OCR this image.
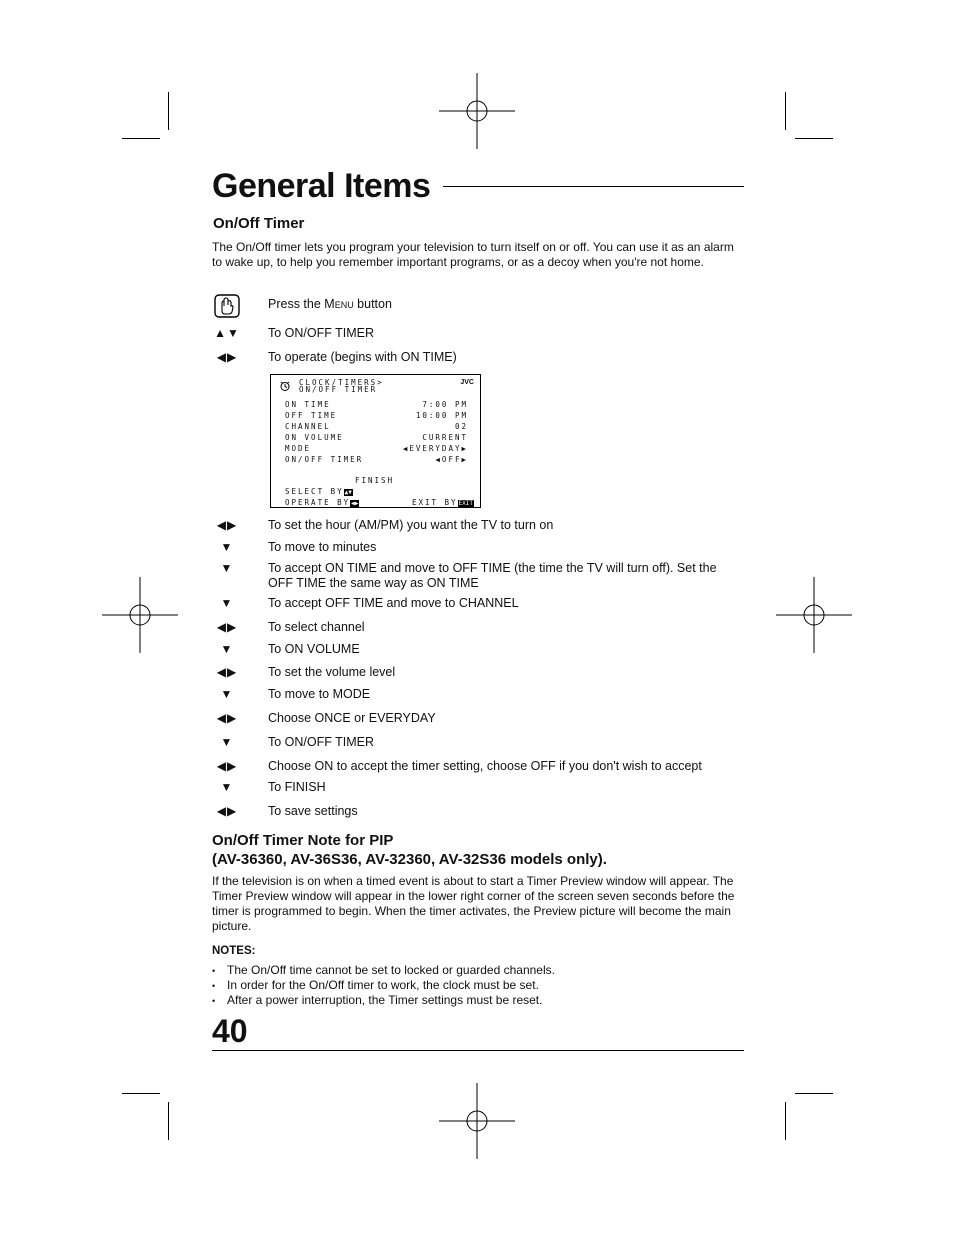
General Items
On/Off Timer

The On/Off timer lets you program your television to turn itself on or off. You can use it as an alarm to wake up, to help you remember important programs, or as a decoy when you're not home.

Press the Menu button
▲▼ To ON/OFF TIMER
◀▶	To operate (begins with ON TIME)
CLOCK/TIMERS>
ON/OFF TIMER
JVC
ON TIME	7:00 PM
OFF TIME	10:00 PM
CHANNEL	02
ON VOLUME	CURRENT
MODE	◀EVERYDAY▶
ON/OFF TIMER	◀OFF▶
FINISH
SELECT BY▲▼
OPERATE BY◀▶	EXIT BYEXIT
◀▶	To set the hour (AM/PM) you want the TV to turn on
▼	To move to minutes
▼	To accept ON TIME and move to OFF TIME (the time the TV will turn off). Set the OFF TIME the same way as ON TIME
▼	To accept OFF TIME and move to CHANNEL
◀▶	To select channel
▼	To ON VOLUME
◀▶	To set the volume level
▼	To move to MODE
◀▶	Choose ONCE or EVERYDAY
▼	To ON/OFF TIMER
◀▶	Choose ON to accept the timer setting, choose OFF if you don't wish to accept
▼	To FINISH
◀▶	To save settings
On/Off Timer Note for PIP
(AV-36360, AV-36S36, AV-32360, AV-32S36 models only).

If the television is on when a timed event is about to start a Timer Preview window will appear. The Timer Preview window will appear in the lower right corner of the screen seven seconds before the timer is programmed to begin. When the timer activates, the Preview picture will become the main picture.

NOTES:
• The On/Off time cannot be set to locked or guarded channels.
• In order for the On/Off timer to work, the clock must be set.
• After a power interruption, the Timer settings must be reset.
40
